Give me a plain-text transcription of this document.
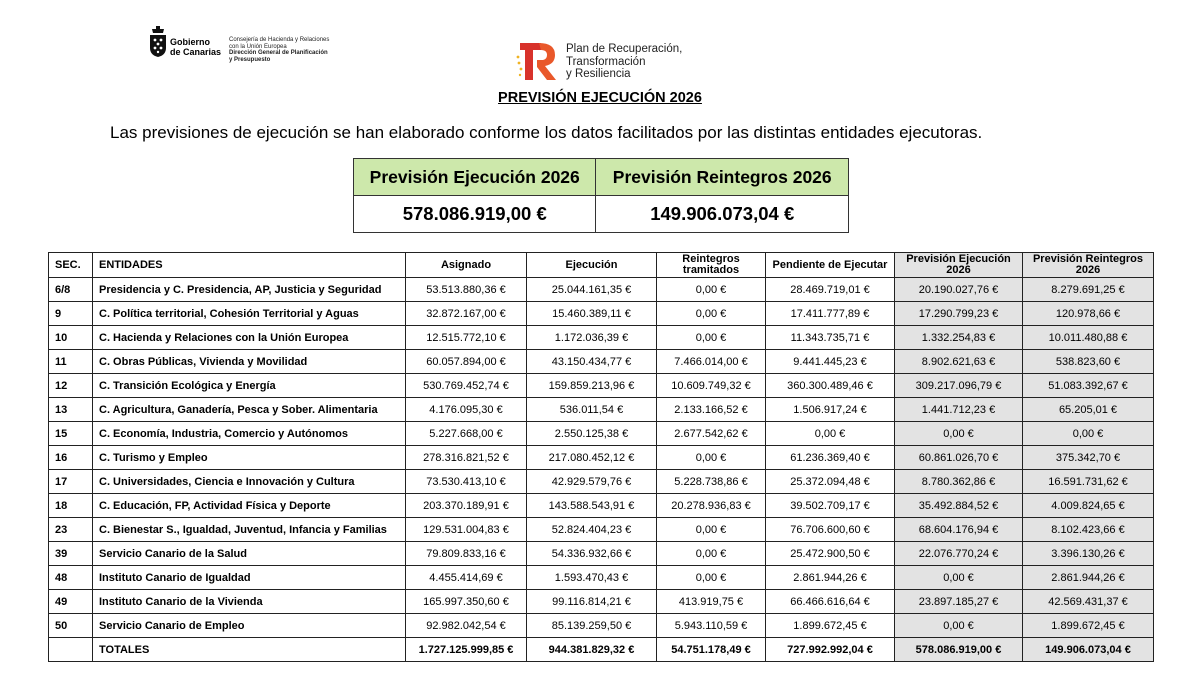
Gobierno
de Canarias
Consejería de Hacienda y Relaciones
con la Unión Europea
Dirección General de Planificación
y Presupuesto
Plan de Recuperación,
Transformación
y Resiliencia
PREVISIÓN EJECUCIÓN 2026
Las previsiones de ejecución se han elaborado conforme los datos facilitados por las distintas entidades ejecutoras.
Previsión Ejecución 2026	Previsión Reintegros 2026
578.086.919,00 €	149.906.073,04 €
SEC.	ENTIDADES	Asignado	Ejecución	Reintegros tramitados	Pendiente de Ejecutar	Previsión Ejecución 2026	Previsión Reintegros 2026
6/8	Presidencia y C. Presidencia, AP, Justicia y Seguridad	53.513.880,36 €	25.044.161,35 €	0,00 €	28.469.719,01 €	20.190.027,76 €	8.279.691,25 €
9	C. Política territorial, Cohesión Territorial y Aguas	32.872.167,00 €	15.460.389,11 €	0,00 €	17.411.777,89 €	17.290.799,23 €	120.978,66 €
10	C. Hacienda y Relaciones con la Unión Europea	12.515.772,10 €	1.172.036,39 €	0,00 €	11.343.735,71 €	1.332.254,83 €	10.011.480,88 €
11	C. Obras Públicas, Vivienda y Movilidad	60.057.894,00 €	43.150.434,77 €	7.466.014,00 €	9.441.445,23 €	8.902.621,63 €	538.823,60 €
12	C. Transición Ecológica y Energía	530.769.452,74 €	159.859.213,96 €	10.609.749,32 €	360.300.489,46 €	309.217.096,79 €	51.083.392,67 €
13	C. Agricultura, Ganadería, Pesca y Sober. Alimentaria	4.176.095,30 €	536.011,54 €	2.133.166,52 €	1.506.917,24 €	1.441.712,23 €	65.205,01 €
15	C. Economía, Industria, Comercio y Autónomos	5.227.668,00 €	2.550.125,38 €	2.677.542,62 €	0,00 €	0,00 €	0,00 €
16	C. Turismo y Empleo	278.316.821,52 €	217.080.452,12 €	0,00 €	61.236.369,40 €	60.861.026,70 €	375.342,70 €
17	C. Universidades, Ciencia e Innovación y Cultura	73.530.413,10 €	42.929.579,76 €	5.228.738,86 €	25.372.094,48 €	8.780.362,86 €	16.591.731,62 €
18	C. Educación, FP, Actividad Física y Deporte	203.370.189,91 €	143.588.543,91 €	20.278.936,83 €	39.502.709,17 €	35.492.884,52 €	4.009.824,65 €
23	C. Bienestar S., Igualdad, Juventud, Infancia y Familias	129.531.004,83 €	52.824.404,23 €	0,00 €	76.706.600,60 €	68.604.176,94 €	8.102.423,66 €
39	Servicio Canario de la Salud	79.809.833,16 €	54.336.932,66 €	0,00 €	25.472.900,50 €	22.076.770,24 €	3.396.130,26 €
48	Instituto Canario de Igualdad	4.455.414,69 €	1.593.470,43 €	0,00 €	2.861.944,26 €	0,00 €	2.861.944,26 €
49	Instituto Canario de la Vivienda	165.997.350,60 €	99.116.814,21 €	413.919,75 €	66.466.616,64 €	23.897.185,27 €	42.569.431,37 €
50	Servicio Canario de Empleo	92.982.042,54 €	85.139.259,50 €	5.943.110,59 €	1.899.672,45 €	0,00 €	1.899.672,45 €
	TOTALES	1.727.125.999,85 €	944.381.829,32 €	54.751.178,49 €	727.992.992,04 €	578.086.919,00 €	149.906.073,04 €
